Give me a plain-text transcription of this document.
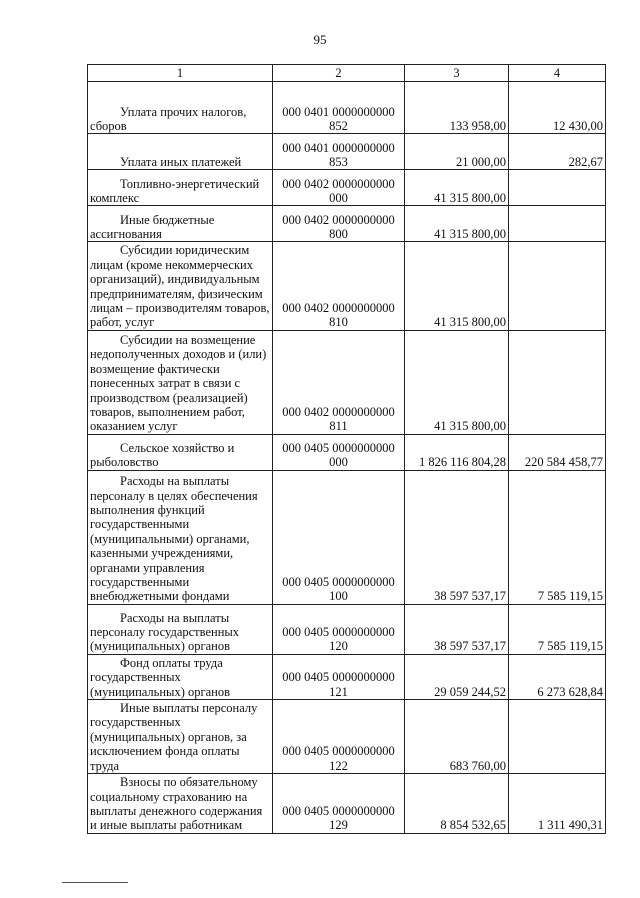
95
1	2	3	4

Уплата прочих налогов, сборов	000 0401 0000000000 852	133 958,00	12 430,00

Уплата иных платежей	000 0401 0000000000 853	21 000,00	282,67

Топливно-энергетический комплекс	000 0402 0000000000 000	41 315 800,00	

Иные бюджетные ассигнования	000 0402 0000000000 800	41 315 800,00	

Субсидии юридическим лицам (кроме некоммерческих организаций), индивидуальным предпринимателям, физическим лицам – производителям товаров, работ, услуг	000 0402 0000000000 810	41 315 800,00	

Субсидии на возмещение недополученных доходов и (или) возмещение фактически понесенных затрат в связи с производством (реализацией) товаров, выполнением работ, оказанием услуг	000 0402 0000000000 811	41 315 800,00	

Сельское хозяйство и рыболовство	000 0405 0000000000 000	1 826 116 804,28	220 584 458,77

Расходы на выплаты персоналу в целях обеспечения выполнения функций государственными (муниципальными) органами, казенными учреждениями, органами управления государственными внебюджетными фондами	000 0405 0000000000 100	38 597 537,17	7 585 119,15

Расходы на выплаты персоналу государственных (муниципальных) органов	000 0405 0000000000 120	38 597 537,17	7 585 119,15

Фонд оплаты труда государственных (муниципальных) органов	000 0405 0000000000 121	29 059 244,52	6 273 628,84

Иные выплаты персоналу государственных (муниципальных) органов, за исключением фонда оплаты труда	000 0405 0000000000 122	683 760,00	

Взносы по обязательному социальному страхованию на выплаты денежного содержания и иные выплаты работникам	000 0405 0000000000 129	8 854 532,65	1 311 490,31
